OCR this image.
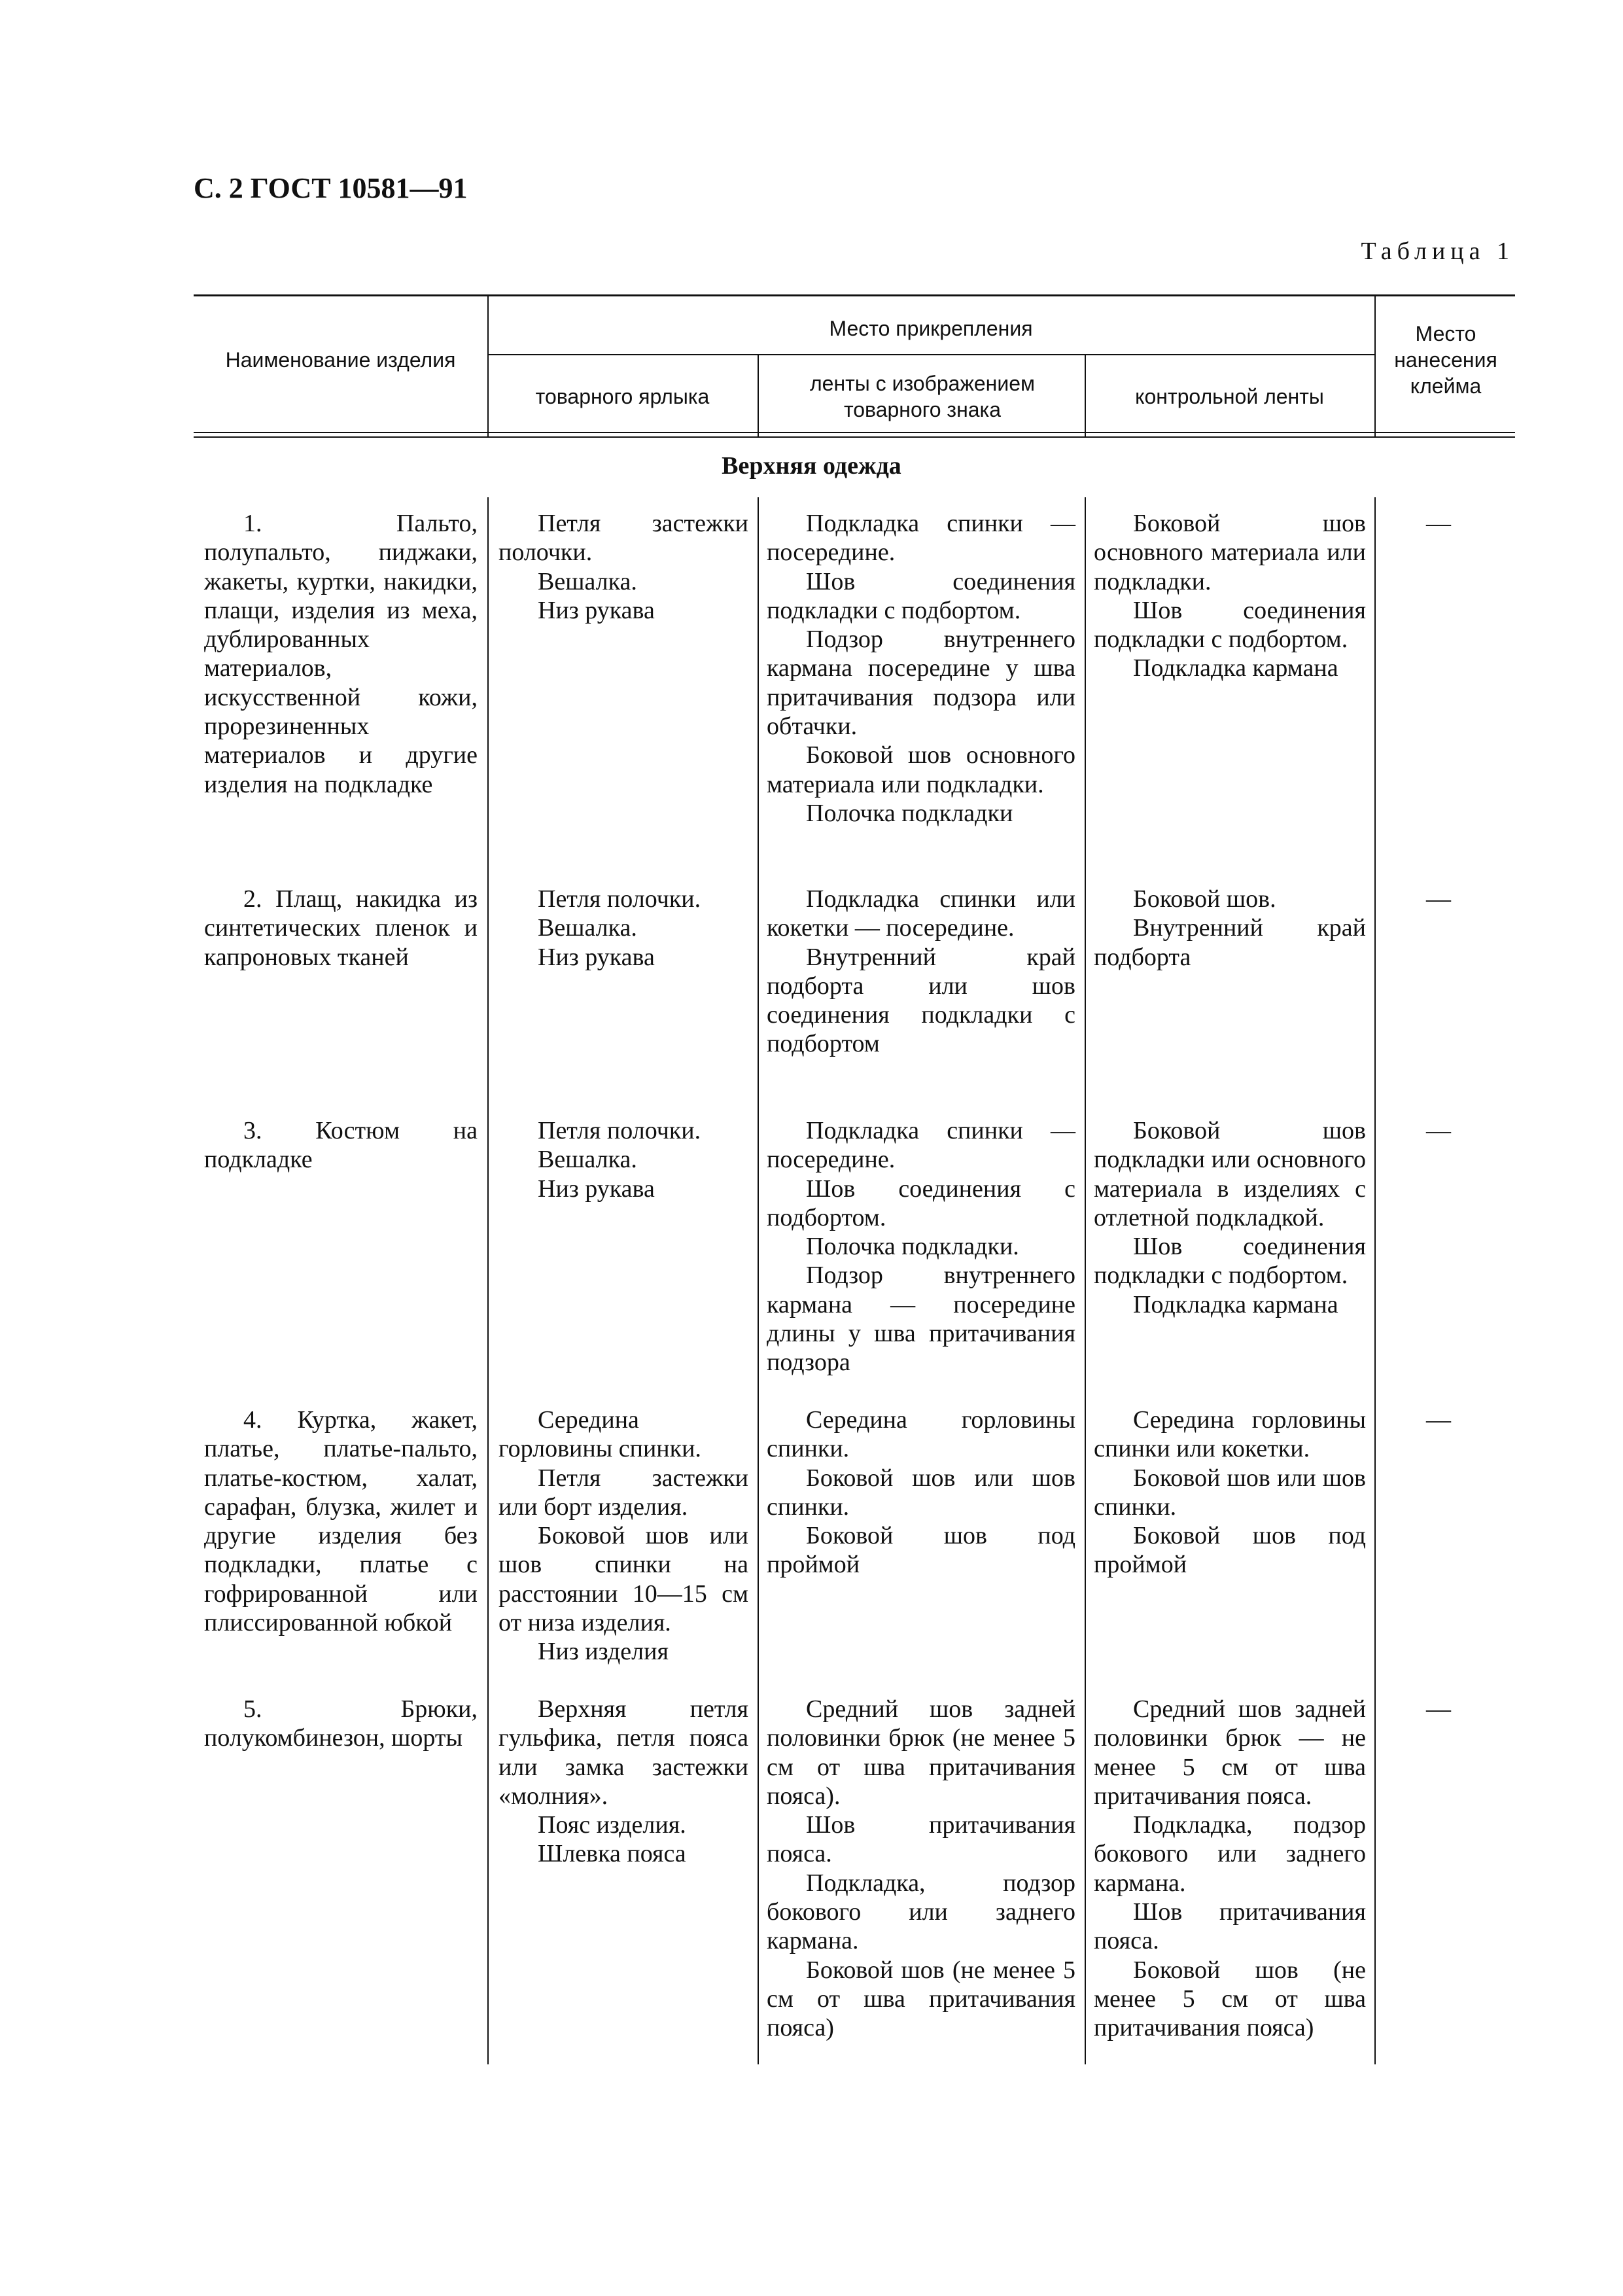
С. 2 ГОСТ 10581—91
Таблица 1
Наименование изделия
Место прикрепления
товарного ярлыка
ленты с изображением товарного знака
контрольной ленты
Место нанесения клейма
Верхняя одежда

1. Пальто, полупальто, пиджаки, жакеты, куртки, накидки, плащи, изделия из меха, дублированных материалов, искусственной кожи, прорезиненных материалов и другие изделия на подкладке

Петля застежки полочки.

Вешалка.

Низ рукава

Подкладка спинки — посередине.

Шов соединения подкладки с подбортом.

Подзор внутреннего кармана посередине у шва притачивания подзора или обтачки.

Боковой шов основного материала или подкладки.

Полочка подкладки

Боковой шов основного материала или подкладки.

Шов соединения подкладки с подбортом.

Подкладка кармана

—

2. Плащ, накидка из синтетических пленок и капроновых тканей

Петля полочки.

Вешалка.

Низ рукава

Подкладка спинки или кокетки — посередине.

Внутренний край подборта или шов соединения подкладки с подбортом

Боковой шов.

Внутренний край подборта

—

3. Костюм на подкладке

Петля полочки.

Вешалка.

Низ рукава

Подкладка спинки — посередине.

Шов соединения с подбортом.

Полочка подкладки.

Подзор внутреннего кармана — посередине длины у шва притачивания подзора

Боковой шов подкладки или основного материала в изделиях с отлетной подкладкой.

Шов соединения подкладки с подбортом.

Подкладка кармана

—

4. Куртка, жакет, платье, платье-пальто, платье-костюм, халат, сарафан, блузка, жилет и другие изделия без подкладки, платье с гофрированной или плиссированной юбкой

Середина горловины спинки.

Петля застежки или борт изделия.

Боковой шов или шов спинки на расстоянии 10—15 см от низа изделия.

Низ изделия

Середина горловины спинки.

Боковой шов или шов спинки.

Боковой шов под проймой

Середина горловины спинки или кокетки.

Боковой шов или шов спинки.

Боковой шов под проймой

—

5. Брюки, полукомбинезон, шорты

Верхняя петля гульфика, петля пояса или замка застежки «молния».

Пояс изделия.

Шлевка пояса

Средний шов задней половинки брюк (не менее 5 см от шва притачивания пояса).

Шов притачивания пояса.

Подкладка, подзор бокового или заднего кармана.

Боковой шов (не менее 5 см от шва притачивания пояса)

Средний шов задней половинки брюк — не менее 5 см от шва притачивания пояса.

Подкладка, подзор бокового или заднего кармана.

Шов притачивания пояса.

Боковой шов (не менее 5 см от шва притачивания пояса)

—
